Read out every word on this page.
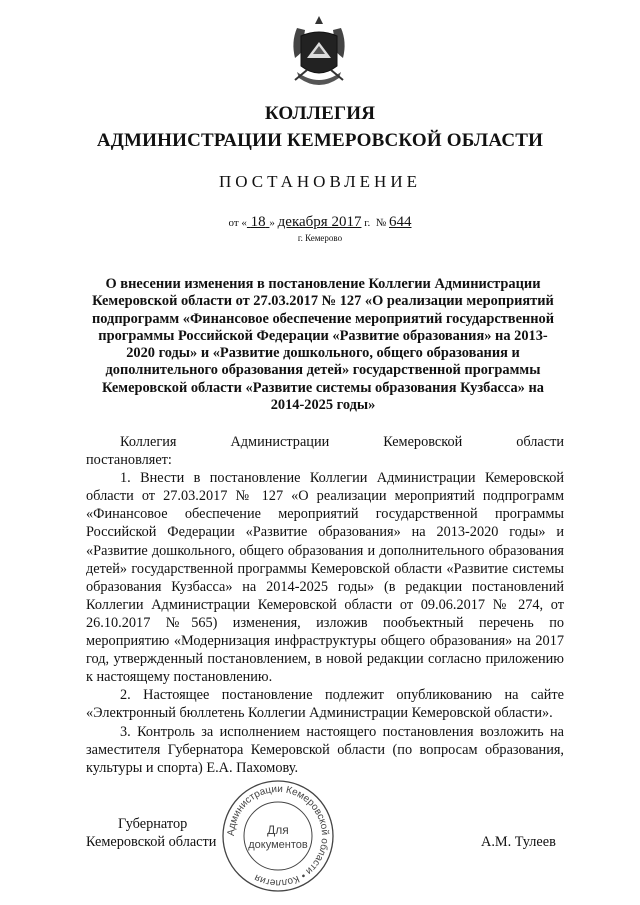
КОЛЛЕГИЯ
АДМИНИСТРАЦИИ КЕМЕРОВСКОЙ ОБЛАСТИ
ПОСТАНОВЛЕНИЕ
от « 18 » декабря 2017 г. № 644
г. Кемерово
О внесении изменения в постановление Коллегии Администрации Кемеровской области от 27.03.2017 № 127 «О реализации мероприятий подпрограмм «Финансовое обеспечение мероприятий государственной программы Российской Федерации «Развитие образования» на 2013-2020 годы» и «Развитие дошкольного, общего образования и дополнительного образования детей» государственной программы Кемеровской области «Развитие системы образования Кузбасса» на 2014-2025 годы»
Коллегия	Администрации	Кемеровской	области

постановляет:

1. Внести в постановление Коллегии Администрации Кемеровской области от 27.03.2017 № 127 «О реализации мероприятий подпрограмм «Финансовое обеспечение мероприятий государственной программы Российской Федерации «Развитие образования» на 2013-2020 годы» и «Развитие дошкольного, общего образования и дополнительного образования детей» государственной программы Кемеровской области «Развитие системы образования Кузбасса» на 2014-2025 годы» (в редакции постановлений Коллегии Администрации Кемеровской области от 09.06.2017 № 274, от 26.10.2017 №565) изменения, изложив пообъектный перечень по мероприятию «Модернизация инфраструктуры общего образования» на 2017 год, утвержденный постановлением, в новой редакции согласно приложению к настоящему постановлению.

2. Настоящее постановление подлежит опубликованию на сайте «Электронный бюллетень Коллегии Администрации Кемеровской области».

3. Контроль за исполнением настоящего постановления возложить на заместителя Губернатора Кемеровской области (по вопросам образования, культуры и спорта) Е.А. Пахомову.

Губернатор
Кемеровской области	А.М. Тулеев
Администрации Кемеровской области • Коллегия
Для
документов
